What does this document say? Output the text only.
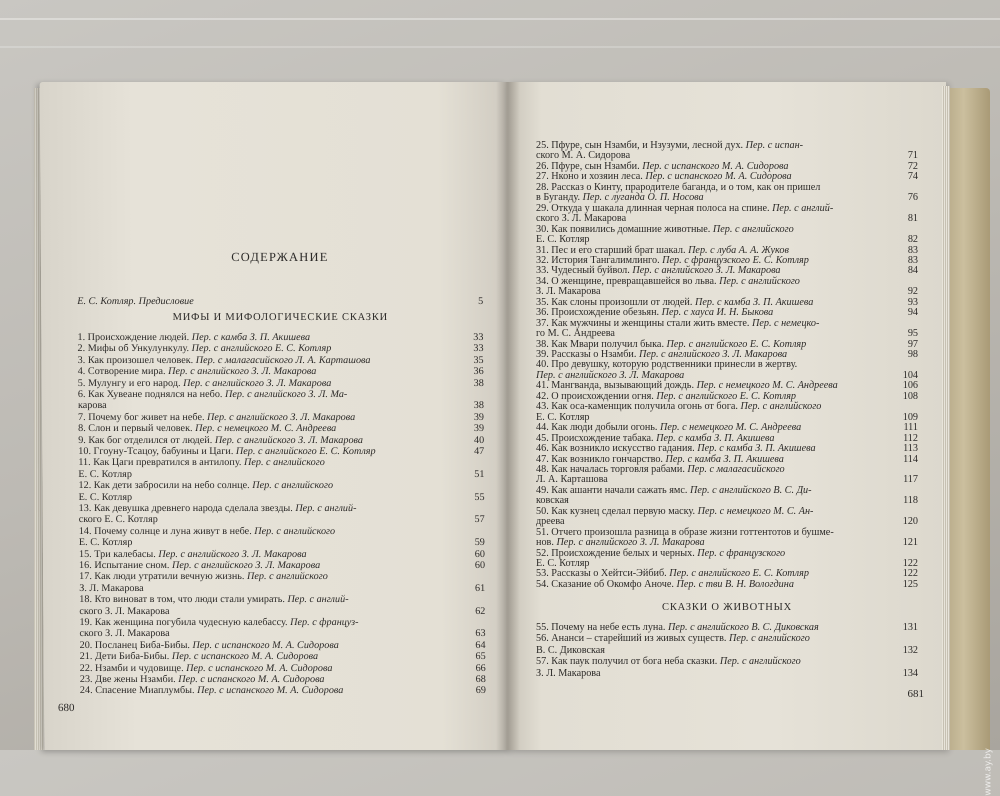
СОДЕРЖАНИЕ
Е. С. Котляр. Предисловие	5
МИФЫ И МИФОЛОГИЧЕСКИЕ СКАЗКИ
1. Происхождение людей. Пер. с камба З. П. Акишева	33
2. Мифы об Ункулункулу. Пер. с английского Е. С. Котляр	33
3. Как произошел человек. Пер. с малагасийского Л. А. Карташова	35
4. Сотворение мира. Пер. с английского З. Л. Макарова	36
5. Мулунгу и его народ. Пер. с английского З. Л. Макарова	38
6. Как Хувеане поднялся на небо. Пер. с английского З. Л. Ма-
карова	38
7. Почему бог живет на небе. Пер. с английского З. Л. Макарова	39
8. Слон и первый человек. Пер. с немецкого М. С. Андреева	39
9. Как бог отделился от людей. Пер. с английского З. Л. Макарова	40
10. Ггоуну-Тсацоу, бабуины и Цаги. Пер. с английского Е. С. Котляр	47
11. Как Цаги превратился в антилопу. Пер. с английского
Е. С. Котляр	51
12. Как дети забросили на небо солнце. Пер. с английского
Е. С. Котляр	55
13. Как девушка древнего народа сделала звезды. Пер. с англий-
ского Е. С. Котляр	57
14. Почему солнце и луна живут в небе. Пер. с английского
Е. С. Котляр	59
15. Три калебасы. Пер. с английского З. Л. Макарова	60
16. Испытание сном. Пер. с английского З. Л. Макарова	60
17. Как люди утратили вечную жизнь. Пер. с английского
З. Л. Макарова	61
18. Кто виноват в том, что люди стали умирать. Пер. с англий-
ского З. Л. Макарова	62
19. Как женщина погубила чудесную калебассу. Пер. с француз-
ского З. Л. Макарова	63
20. Посланец Биба-Бибы. Пер. с испанского М. А. Сидорова	64
21. Дети Биба-Бибы. Пер. с испанского М. А. Сидорова	65
22. Нзамби и чудовище. Пер. с испанского М. А. Сидорова	66
23. Две жены Нзамби. Пер. с испанского М. А. Сидорова	68
24. Спасение Миаплумбы. Пер. с испанского М. А. Сидорова	69
680
25. Пфуре, сын Нзамби, и Нзузуми, лесной дух. Пер. с испан-
ского М. А. Сидорова	71
26. Пфуре, сын Нзамби. Пер. с испанского М. А. Сидорова	72
27. Нконо и хозяин леса. Пер. с испанского М. А. Сидорова	74
28. Рассказ о Кинту, прародителе баганда, и о том, как он пришел
в Буганду. Пер. с луганда О. П. Носова	76
29. Откуда у шакала длинная черная полоса на спине. Пер. с англий-
ского З. Л. Макарова	81
30. Как появились домашние животные. Пер. с английского
Е. С. Котляр	82
31. Пес и его старший брат шакал. Пер. с луба А. А. Жуков	83
32. История Тангалимлинго. Пер. с французского Е. С. Котляр	83
33. Чудесный буйвол. Пер. с английского З. Л. Макарова	84
34. О женщине, превращавшейся во льва. Пер. с английского
З. Л. Макарова	92
35. Как слоны произошли от людей. Пер. с камба З. П. Акишева	93
36. Происхождение обезьян. Пер. с хауса И. Н. Быкова	94
37. Как мужчины и женщины стали жить вместе. Пер. с немецко-
го М. С. Андреева	95
38. Как Мвари получил быка. Пер. с английского Е. С. Котляр	97
39. Рассказы о Нзамби. Пер. с английского З. Л. Макарова	98
40. Про девушку, которую родственники принесли в жертву.
Пер. с английского З. Л. Макарова	104
41. Мангванда, вызывающий дождь. Пер. с немецкого М. С. Андреева	106
42. О происхождении огня. Пер. с английского Е. С. Котляр	108
43. Как оса-каменщик получила огонь от бога. Пер. с английского
Е. С. Котляр	109
44. Как люди добыли огонь. Пер. с немецкого М. С. Андреева	111
45. Происхождение табака. Пер. с камба З. П. Акишева	112
46. Как возникло искусство гадания. Пер. с камба З. П. Акишева	113
47. Как возникло гончарство. Пер. с камба З. П. Акишева	114
48. Как началась торговля рабами. Пер. с малагасийского
Л. А. Карташова	117
49. Как ашанти начали сажать ямс. Пер. с английского В. С. Ди-
ковская	118
50. Как кузнец сделал первую маску. Пер. с немецкого М. С. Ан-
дреева	120
51. Отчего произошла разница в образе жизни готтентотов и бушме-
нов. Пер. с английского З. Л. Макарова	121
52. Происхождение белых и черных. Пер. с французского
Е. С. Котляр	122
53. Рассказы о Хейтси-Эйбиб. Пер. с английского Е. С. Котляр	122
54. Сказание об Окомфо Аноче. Пер. с тви В. Н. Вологдина	125
СКАЗКИ О ЖИВОТНЫХ
55. Почему на небе есть луна. Пер. с английского В. С. Диковская	131
56. Ананси – старейший из живых существ. Пер. с английского
В. С. Диковская	132
57. Как паук получил от бога неба сказки. Пер. с английского
З. Л. Макарова	134
681
www.ay.by
